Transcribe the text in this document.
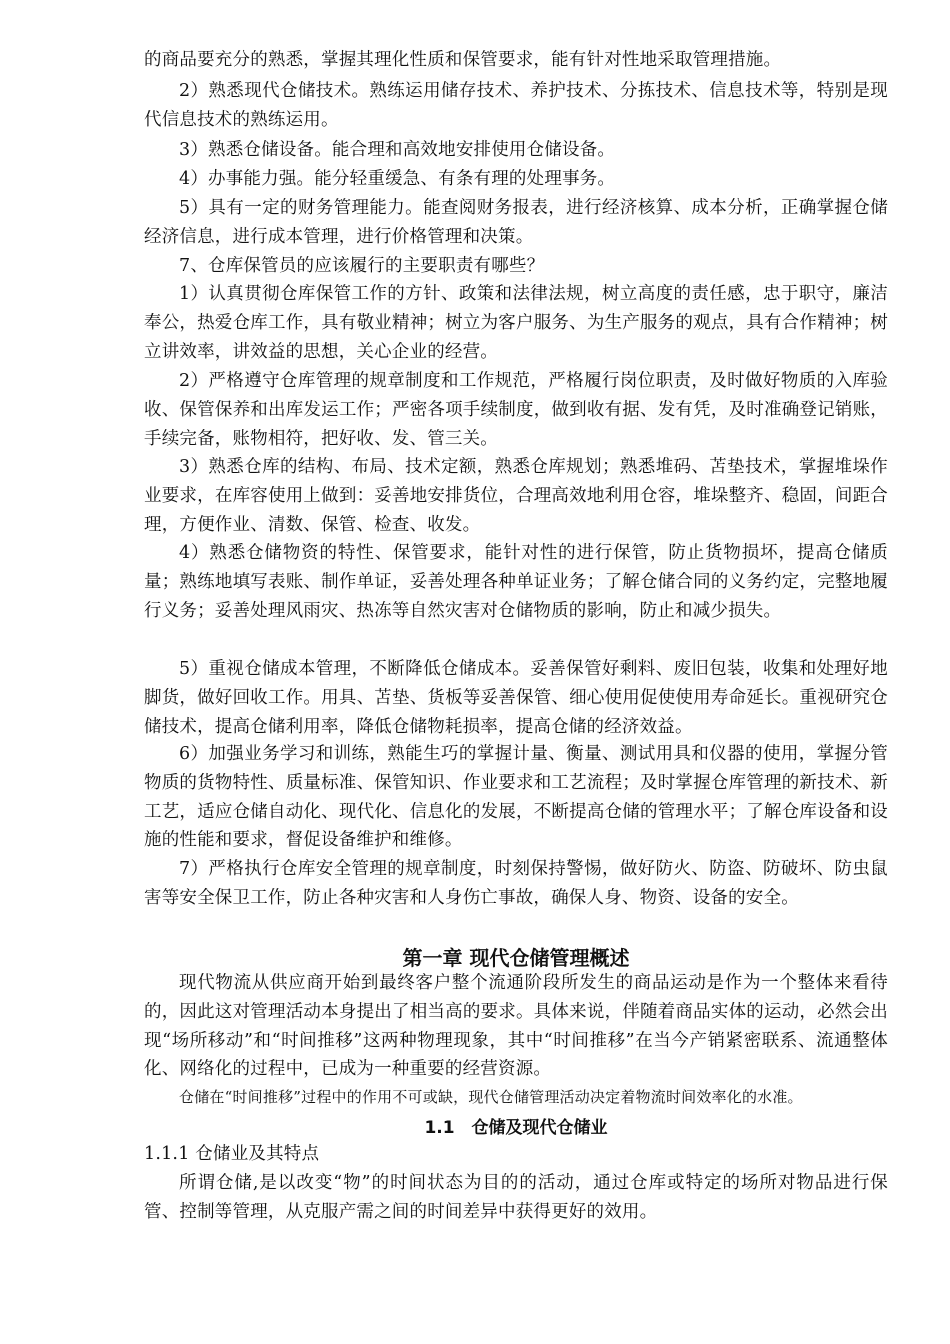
的商品要充分的熟悉，掌握其理化性质和保管要求，能有针对性地采取管理措施。

2）熟悉现代仓储技术。熟练运用储存技术、养护技术、分拣技术、信息技术等，特别是现代信息技术的熟练运用。

3）熟悉仓储设备。能合理和高效地安排使用仓储设备。

4）办事能力强。能分轻重缓急、有条有理的处理事务。

5）具有一定的财务管理能力。能查阅财务报表，进行经济核算、成本分析，正确掌握仓储经济信息，进行成本管理，进行价格管理和决策。

7、仓库保管员的应该履行的主要职责有哪些？

1）认真贯彻仓库保管工作的方针、政策和法律法规，树立高度的责任感，忠于职守，廉洁奉公，热爱仓库工作，具有敬业精神；树立为客户服务、为生产服务的观点，具有合作精神；树立讲效率，讲效益的思想，关心企业的经营。

2）严格遵守仓库管理的规章制度和工作规范，严格履行岗位职责，及时做好物质的入库验收、保管保养和出库发运工作；严密各项手续制度，做到收有据、发有凭，及时准确登记销账，手续完备，账物相符，把好收、发、管三关。

3）熟悉仓库的结构、布局、技术定额，熟悉仓库规划；熟悉堆码、苫垫技术，掌握堆垛作业要求，在库容使用上做到：妥善地安排货位，合理高效地利用仓容，堆垛整齐、稳固，间距合理，方便作业、清数、保管、检查、收发。

4）熟悉仓储物资的特性、保管要求，能针对性的进行保管，防止货物损坏，提高仓储质量；熟练地填写表账、制作单证，妥善处理各种单证业务；了解仓储合同的义务约定，完整地履行义务；妥善处理风雨灾、热冻等自然灾害对仓储物质的影响，防止和减少损失。

5）重视仓储成本管理，不断降低仓储成本。妥善保管好剩料、废旧包装，收集和处理好地脚货，做好回收工作。用具、苫垫、货板等妥善保管、细心使用促使使用寿命延长。重视研究仓储技术，提高仓储利用率，降低仓储物耗损率，提高仓储的经济效益。

6）加强业务学习和训练，熟能生巧的掌握计量、衡量、测试用具和仪器的使用，掌握分管物质的货物特性、质量标准、保管知识、作业要求和工艺流程；及时掌握仓库管理的新技术、新工艺，适应仓储自动化、现代化、信息化的发展，不断提高仓储的管理水平；了解仓库设备和设施的性能和要求，督促设备维护和维修。

7）严格执行仓库安全管理的规章制度，时刻保持警惕，做好防火、防盗、防破坏、防虫鼠害等安全保卫工作，防止各种灾害和人身伤亡事故，确保人身、物资、设备的安全。

第一章 现代仓储管理概述

现代物流从供应商开始到最终客户整个流通阶段所发生的商品运动是作为一个整体来看待的，因此这对管理活动本身提出了相当高的要求。具体来说，伴随着商品实体的运动，必然会出现“场所移动”和“时间推移”这两种物理现象，其中“时间推移”在当今产销紧密联系、流通整体化、网络化的过程中，已成为一种重要的经营资源。

仓储在“时间推移”过程中的作用不可或缺，现代仓储管理活动决定着物流时间效率化的水准。

1.1　仓储及现代仓储业

1.1.1 仓储业及其特点

所谓仓储,是以改变“物”的时间状态为目的的活动，通过仓库或特定的场所对物品进行保管、控制等管理，从克服产需之间的时间差异中获得更好的效用。
